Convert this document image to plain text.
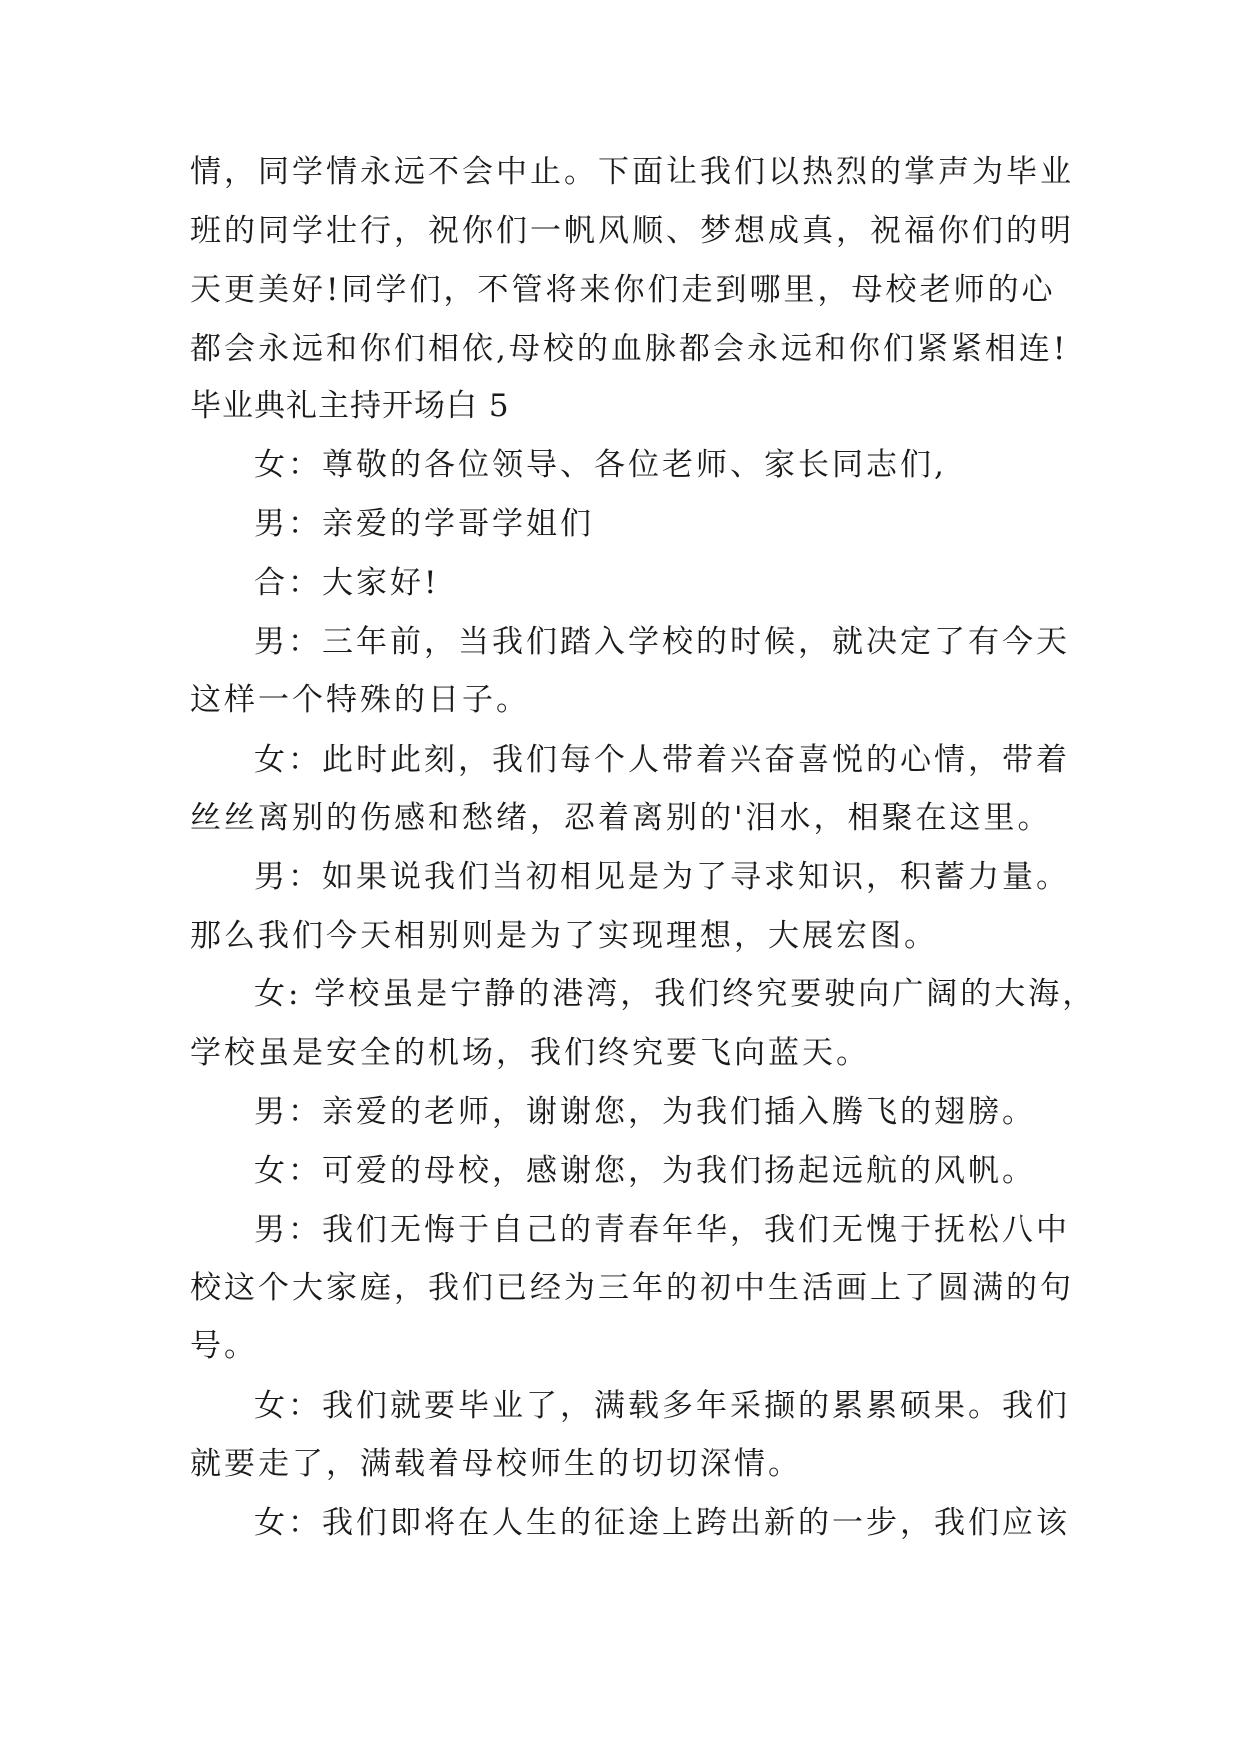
情，同学情永远不会中止。下面让我们以热烈的掌声为毕业
班的同学壮行，祝你们一帆风顺、梦想成真，祝福你们的明
天更美好!同学们，不管将来你们走到哪里，母校老师的心
都会永远和你们相依,母校的血脉都会永远和你们紧紧相连!
毕业典礼主持开场白 5
女：尊敬的各位领导、各位老师、家长同志们,
男：亲爱的学哥学姐们
合：大家好!
男：三年前，当我们踏入学校的时候，就决定了有今天
这样一个特殊的日子。
女：此时此刻，我们每个人带着兴奋喜悦的心情，带着
丝丝离别的伤感和愁绪，忍着离别的'泪水，相聚在这里。
男：如果说我们当初相见是为了寻求知识，积蓄力量。
那么我们今天相别则是为了实现理想，大展宏图。
女: 学校虽是宁静的港湾，我们终究要驶向广阔的大海，
学校虽是安全的机场，我们终究要飞向蓝天。
男：亲爱的老师，谢谢您，为我们插入腾飞的翅膀。
女：可爱的母校，感谢您，为我们扬起远航的风帆。
男：我们无悔于自己的青春年华，我们无愧于抚松八中
校这个大家庭，我们已经为三年的初中生活画上了圆满的句
号。
女：我们就要毕业了，满载多年采撷的累累硕果。我们
就要走了，满载着母校师生的切切深情。
女：我们即将在人生的征途上跨出新的一步，我们应该
